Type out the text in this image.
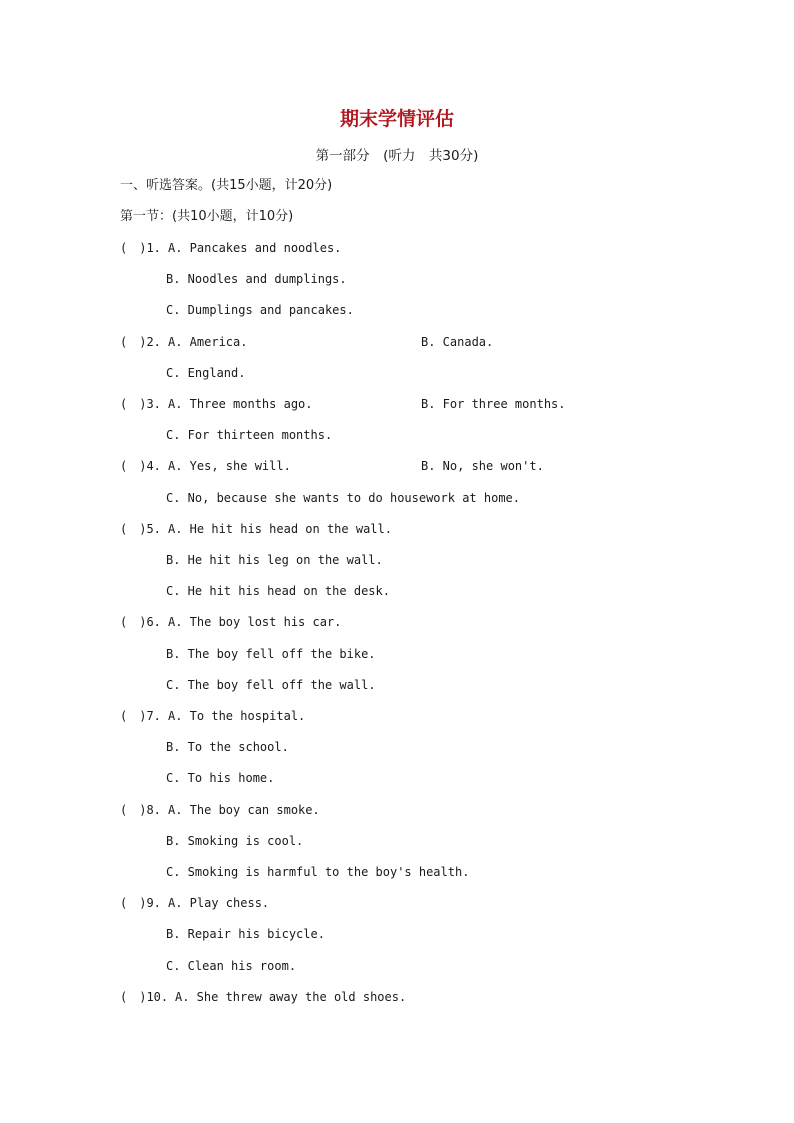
期末学情评估
第一部分　(听力　共30分)
一、听选答案。(共15小题，计20分)
第一节：(共10小题，计10分)
(　)1. A. Pancakes and noodles.
B. Noodles and dumplings.
C. Dumplings and pancakes.
(　)2. A. America.	B. Canada.
C. England.
(　)3. A. Three months ago.	B. For three months.
C. For thirteen months.
(　)4. A. Yes, she will.	B. No, she won't.
C. No, because she wants to do housework at home.
(　)5. A. He hit his head on the wall.
B. He hit his leg on the wall.
C. He hit his head on the desk.
(　)6. A. The boy lost his car.
B. The boy fell off the bike.
C. The boy fell off the wall.
(　)7. A. To the hospital.
B. To the school.
C. To his home.
(　)8. A. The boy can smoke.
B. Smoking is cool.
C. Smoking is harmful to the boy's health.
(　)9. A. Play chess.
B. Repair his bicycle.
C. Clean his room.
(　)10. A. She threw away the old shoes.
